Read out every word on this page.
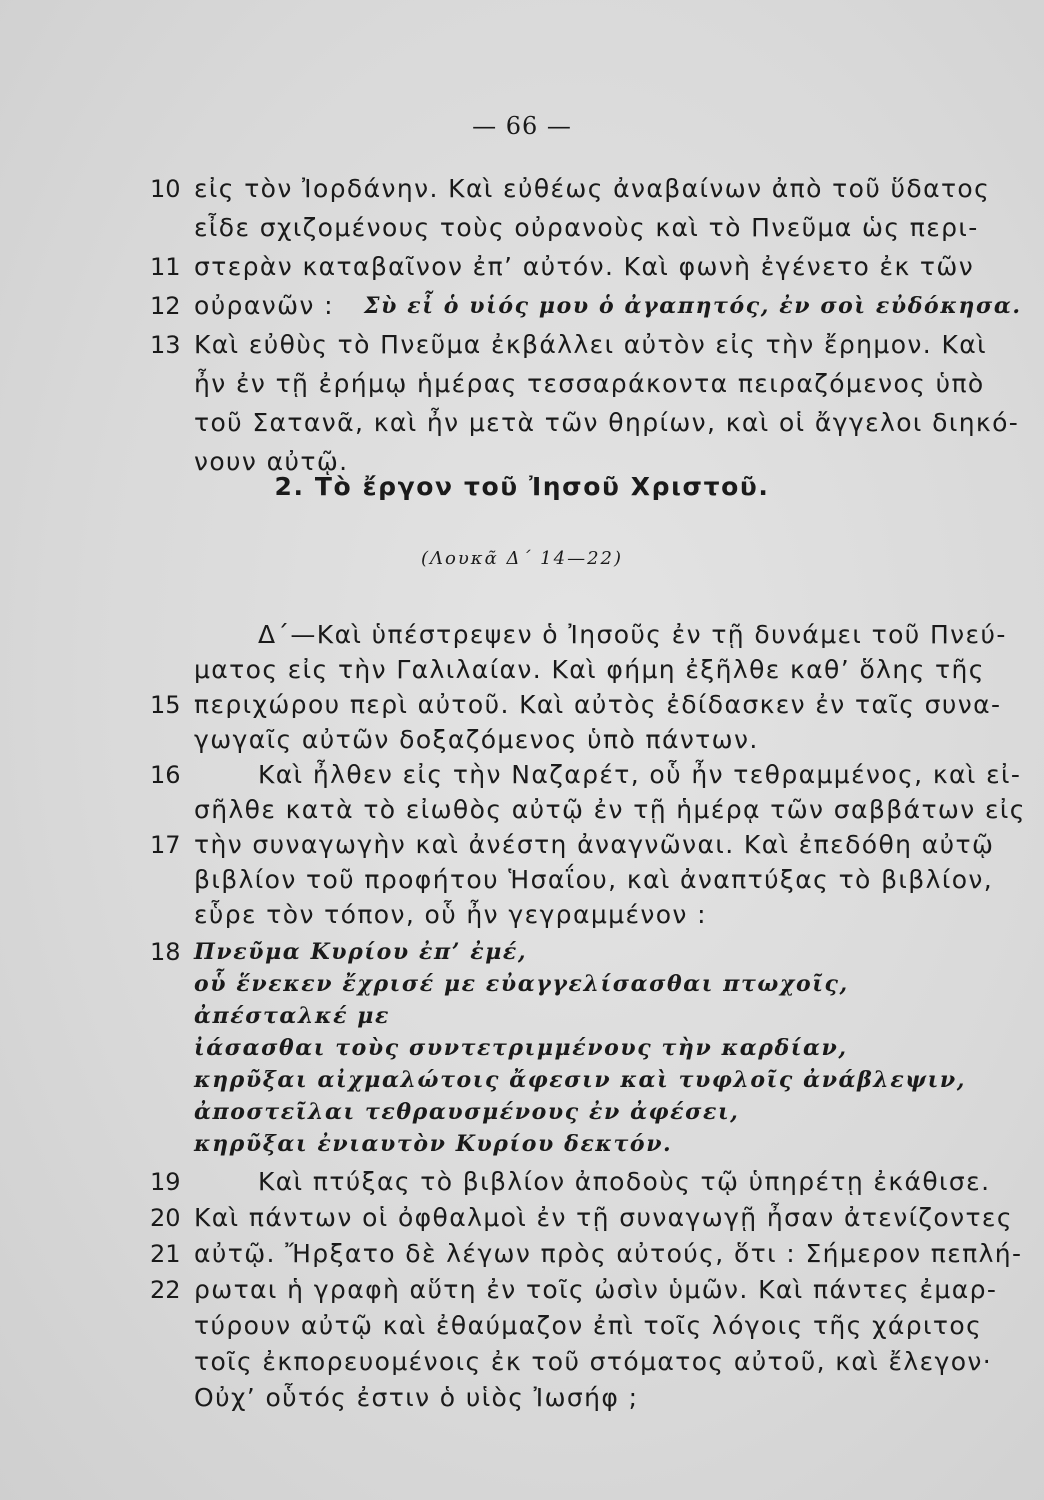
— 66 —
10 εἰς τὸν Ἰορδάνην. Καὶ εὐθέως ἀναβαίνων ἀπὸ τοῦ ὕδατος
εἶδε σχιζομένους τοὺς οὐρανοὺς καὶ τὸ Πνεῦμα ὡς περι-
11 στερὰν καταβαῖνον ἐπ’ αὐτόν. Καὶ φωνὴ ἐγένετο ἐκ τῶν
12 οὐρανῶν : Σὺ εἶ ὁ υἱός μου ὁ ἀγαπητός, ἐν σοὶ εὐδόκησα.
13 Καὶ εὐθὺς τὸ Πνεῦμα ἐκβάλλει αὐτὸν εἰς τὴν ἔρημον. Καὶ
ἦν ἐν τῇ ἐρήμῳ ἡμέρας τεσσαράκοντα πειραζόμενος ὑπὸ
τοῦ Σατανᾶ, καὶ ἦν μετὰ τῶν θηρίων, καὶ οἱ ἄγγελοι διηκό-
νουν αὐτῷ.
2. Τὸ ἔργον τοῦ Ἰησοῦ Χριστοῦ.
(Λουκᾶ Δ΄ 14—22)
Δ΄—Καὶ ὑπέστρεψεν ὁ Ἰησοῦς ἐν τῇ δυνάμει τοῦ Πνεύ-
ματος εἰς τὴν Γαλιλαίαν. Καὶ φήμη ἐξῆλθε καθ’ ὅλης τῆς
15 περιχώρου περὶ αὐτοῦ. Καὶ αὐτὸς ἐδίδασκεν ἐν ταῖς συνα-
γωγαῖς αὐτῶν δοξαζόμενος ὑπὸ πάντων.
16	Καὶ ἦλθεν εἰς τὴν Ναζαρέτ, οὗ ἦν τεθραμμένος, καὶ εἰ-
σῆλθε κατὰ τὸ εἰωθὸς αὐτῷ ἐν τῇ ἡμέρᾳ τῶν σαββάτων εἰς
17 τὴν συναγωγὴν καὶ ἀνέστη ἀναγνῶναι. Καὶ ἐπεδόθη αὐτῷ
βιβλίον τοῦ προφήτου Ἡσαΐου, καὶ ἀναπτύξας τὸ βιβλίον,
εὗρε τὸν τόπον, οὗ ἦν γεγραμμένον :
18 Πνεῦμα Κυρίου ἐπ’ ἐμέ,
οὗ ἕνεκεν ἔχρισέ με εὐαγγελίσασθαι πτωχοῖς,
ἀπέσταλκέ με
ἰάσασθαι τοὺς συντετριμμένους τὴν καρδίαν,
κηρῦξαι αἰχμαλώτοις ἄφεσιν καὶ τυφλοῖς ἀνάβλεψιν,
ἀποστεῖλαι τεθραυσμένους ἐν ἀφέσει,
κηρῦξαι ἐνιαυτὸν Κυρίου δεκτόν.
19	Καὶ πτύξας τὸ βιβλίον ἀποδοὺς τῷ ὑπηρέτῃ ἐκάθισε.
20 Καὶ πάντων οἱ ὀφθαλμοὶ ἐν τῇ συναγωγῇ ἦσαν ἀτενίζοντες
21 αὐτῷ. Ἤρξατο δὲ λέγων πρὸς αὐτούς, ὅτι : Σήμερον πεπλή-
22 ρωται ἡ γραφὴ αὕτη ἐν τοῖς ὠσὶν ὑμῶν. Καὶ πάντες ἐμαρ-
τύρουν αὐτῷ καὶ ἐθαύμαζον ἐπὶ τοῖς λόγοις τῆς χάριτος
τοῖς ἐκπορευομένοις ἐκ τοῦ στόματος αὐτοῦ, καὶ ἔλεγον·
Οὐχ’ οὗτός ἐστιν ὁ υἱὸς Ἰωσήφ ;
